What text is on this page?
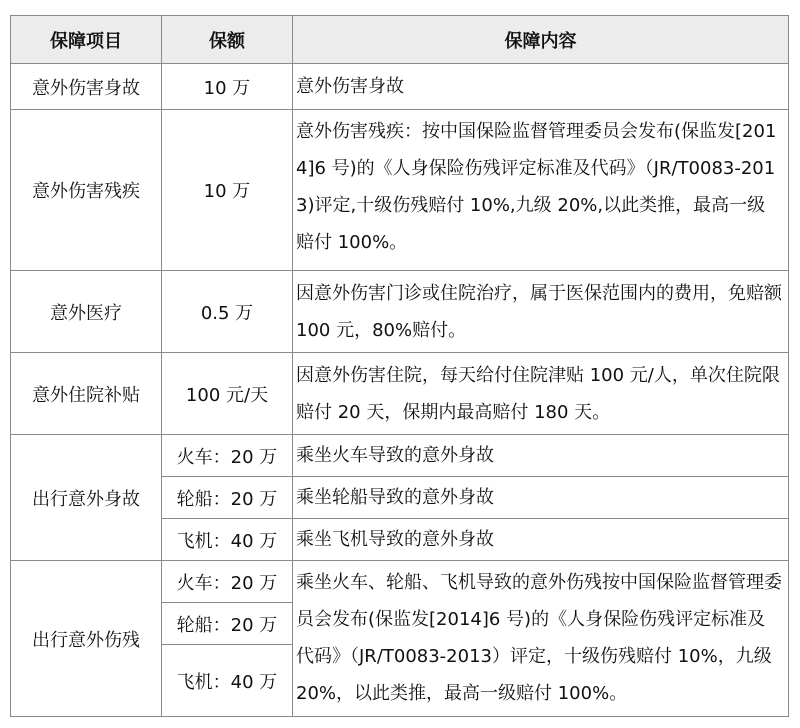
保障项目	保额	保障内容
意外伤害身故	10 万	意外伤害身故
意外伤害残疾	10 万	意外伤害残疾：按中国保险监督管理委员会发布(保监发[2014]6 号)的《人身保险伤残评定标准及代码》（JR/T0083-2013)评定,十级伤残赔付 10%,九级 20%,以此类推，最高一级赔付 100%。
意外医疗	0.5 万	因意外伤害门诊或住院治疗，属于医保范围内的费用，免赔额 100 元，80%赔付。
意外住院补贴	100 元/天	因意外伤害住院，每天给付住院津贴 100 元/人，单次住院限赔付 20 天，保期内最高赔付 180 天。
出行意外身故	火车：20 万	乘坐火车导致的意外身故
	轮船：20 万	乘坐轮船导致的意外身故
	飞机：40 万	乘坐飞机导致的意外身故
出行意外伤残	火车：20 万	乘坐火车、轮船、飞机导致的意外伤残按中国保险监督管理委员会发布(保监发[2014]6 号)的《人身保险伤残评定标准及代码》（JR/T0083-2013）评定，十级伤残赔付 10%，九级 20%，以此类推，最高一级赔付 100%。
	轮船：20 万	
	飞机：40 万	
